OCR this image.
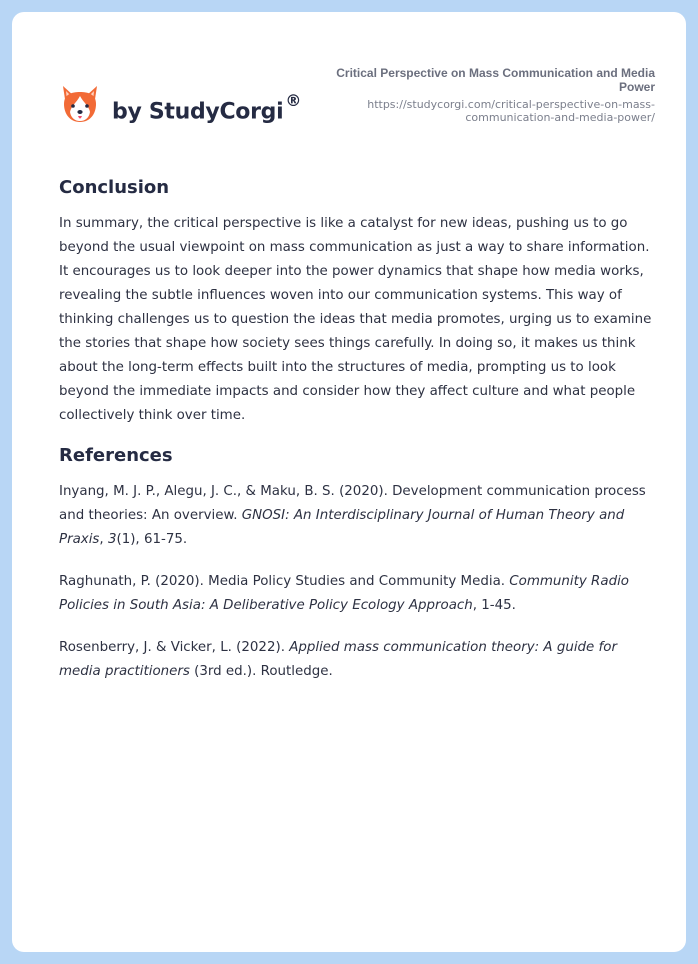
by StudyCorgi ®
Critical Perspective on Mass Communication and Media Power
https://studycorgi.com/critical-perspective-on-mass-communication-and-media-power/
Conclusion

In summary, the critical perspective is like a catalyst for new ideas, pushing us to go beyond the usual viewpoint on mass communication as just a way to share information. It encourages us to look deeper into the power dynamics that shape how media works, revealing the subtle influences woven into our communication systems. This way of thinking challenges us to question the ideas that media promotes, urging us to examine the stories that shape how society sees things carefully. In doing so, it makes us think about the long-term effects built into the structures of media, prompting us to look beyond the immediate impacts and consider how they affect culture and what people collectively think over time.

References

Inyang, M. J. P., Alegu, J. C., & Maku, B. S. (2020). Development communication process and theories: An overview. GNOSI: An Interdisciplinary Journal of Human Theory and Praxis, 3(1), 61-75.

Raghunath, P. (2020). Media Policy Studies and Community Media. Community Radio Policies in South Asia: A Deliberative Policy Ecology Approach, 1-45.

Rosenberry, J. & Vicker, L. (2022). Applied mass communication theory: A guide for media practitioners (3rd ed.). Routledge.
